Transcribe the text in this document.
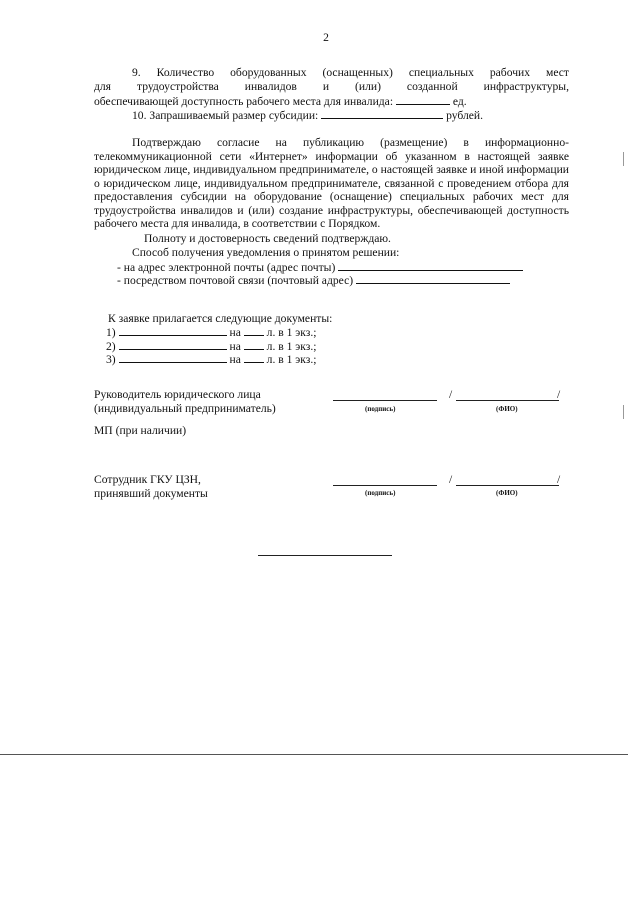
2
9. Количество оборудованных (оснащенных) специальных рабочих мест
для трудоустройства инвалидов и (или) созданной инфраструктуры,
обеспечивающей доступность рабочего места для инвалида:	ед.
10. Запрашиваемый размер субсидии:	рублей.
Подтверждаю согласие на публикацию (размещение) в информационно-телекоммуникационной сети «Интернет» информации об указанном в настоящей заявке юридическом лице, индивидуальном предпринимателе, о настоящей заявке и иной информации о юридическом лице, индивидуальном предпринимателе, связанной с проведением отбора для предоставления субсидии на оборудование (оснащение) специальных рабочих мест для трудоустройства инвалидов и (или) создание инфраструктуры, обеспечивающей доступность рабочего места для инвалида, в соответствии с Порядком.
Полноту и достоверность сведений подтверждаю.
Способ получения уведомления о принятом решении:
- на адрес электронной почты (адрес почты)
- посредством почтовой связи (почтовый адрес)
К заявке прилагается следующие документы:
1)	на л. в 1 экз.;
2)	на л. в 1 экз.;
3)	на л. в 1 экз.;
Руководитель юридического лица
(индивидуальный предприниматель)
/	/
(подпись)	(ФИО)
МП (при наличии)
Сотрудник ГКУ ЦЗН,
принявший документы
/	/
(подпись)	(ФИО)
